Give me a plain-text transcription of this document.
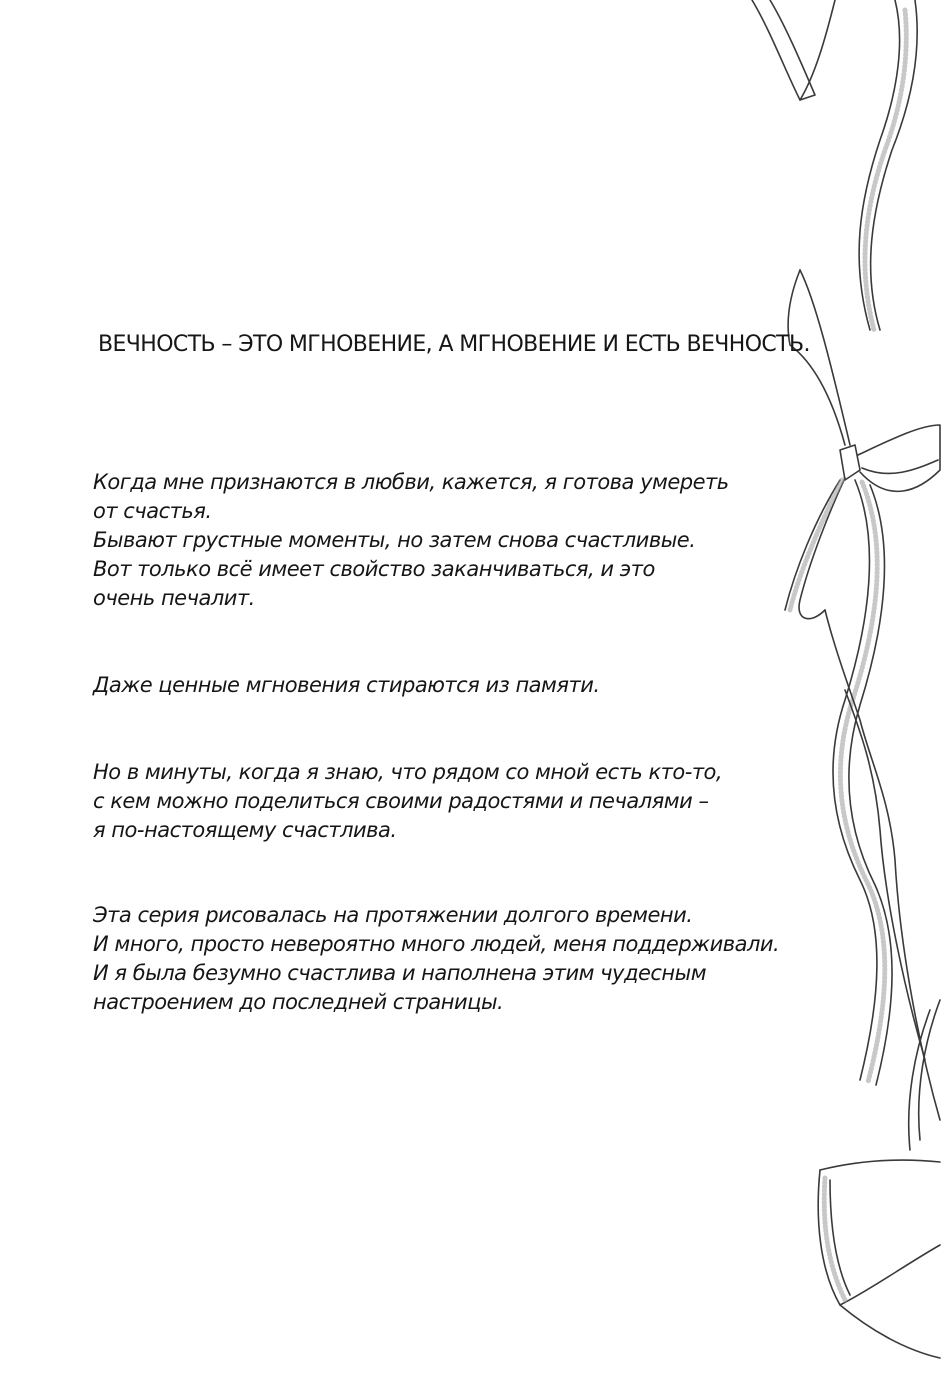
ВЕЧНОСТЬ – ЭТО МГНОВЕНИЕ, А МГНОВЕНИЕ И ЕСТЬ ВЕЧНОСТЬ.
Когда мне признаются в любви, кажется, я готова умереть
от счастья.
Бывают грустные моменты, но затем снова счастливые.
Вот только всё имеет свойство заканчиваться, и это
очень печалит.
Даже ценные мгновения стираются из памяти.
Но в минуты, когда я знаю, что рядом со мной есть кто-то,
с кем можно поделиться своими радостями и печалями –
я по-настоящему счастлива.
Эта серия рисовалась на протяжении долгого времени.
И много, просто невероятно много людей, меня поддерживали.
И я была безумно счастлива и наполнена этим чудесным
настроением до последней страницы.
